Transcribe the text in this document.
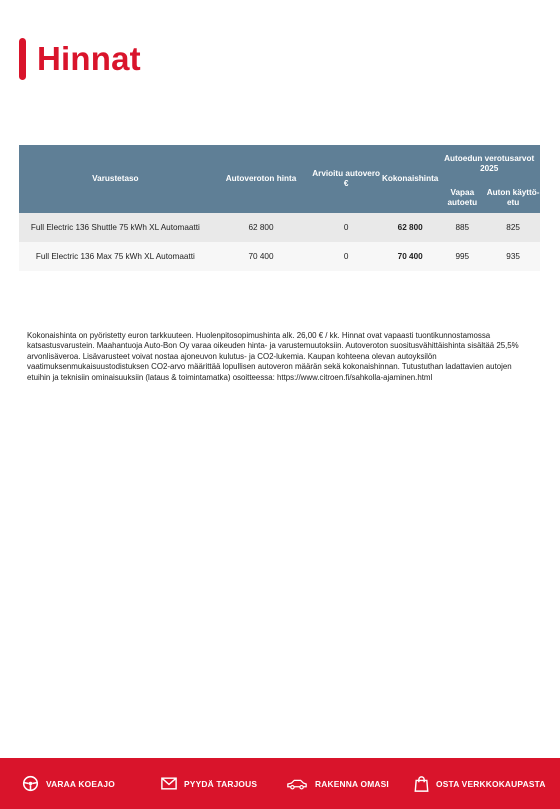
Hinnat
Varustetaso	Autoveroton hinta	Arvioitu autovero €	Kokonaishinta	Autoedun verotusarvot 2025	
				Vapaa autoetu	Auton käyttö-etu
Full Electric 136 Shuttle 75 kWh XL Automaatti	62 800	0	62 800	885	825
Full Electric 136 Max 75 kWh XL Automaatti	70 400	0	70 400	995	935
Kokonaishinta on pyöristetty euron tarkkuuteen. Huolenpitosopimushinta alk. 26,00 € / kk. Hinnat ovat vapaasti tuontikunnostamossa katsastusvarustein. Maahantuoja Auto-Bon Oy varaa oikeuden hinta- ja varustemuutoksiin. Autoveroton suositusvähittäishinta sisältää 25,5% arvonlisäveroa. Lisävarusteet voivat nostaa ajoneuvon kulutus- ja CO2-lukemia. Kaupan kohteena olevan autoyksilön vaatimuksenmukaisuustodistuksen CO2-arvo määrittää lopullisen autoveron määrän sekä kokonaishinnan. Tutustuthan ladattavien autojen etuihin ja teknisiin ominaisuuksiin (lataus & toimintamatka) osoitteessa: https://www.citroen.fi/sahkolla-ajaminen.html
VARAA KOEAJO	PYYDÄ TARJOUS	RAKENNA OMASI	OSTA VERKKOKAUPASTA
